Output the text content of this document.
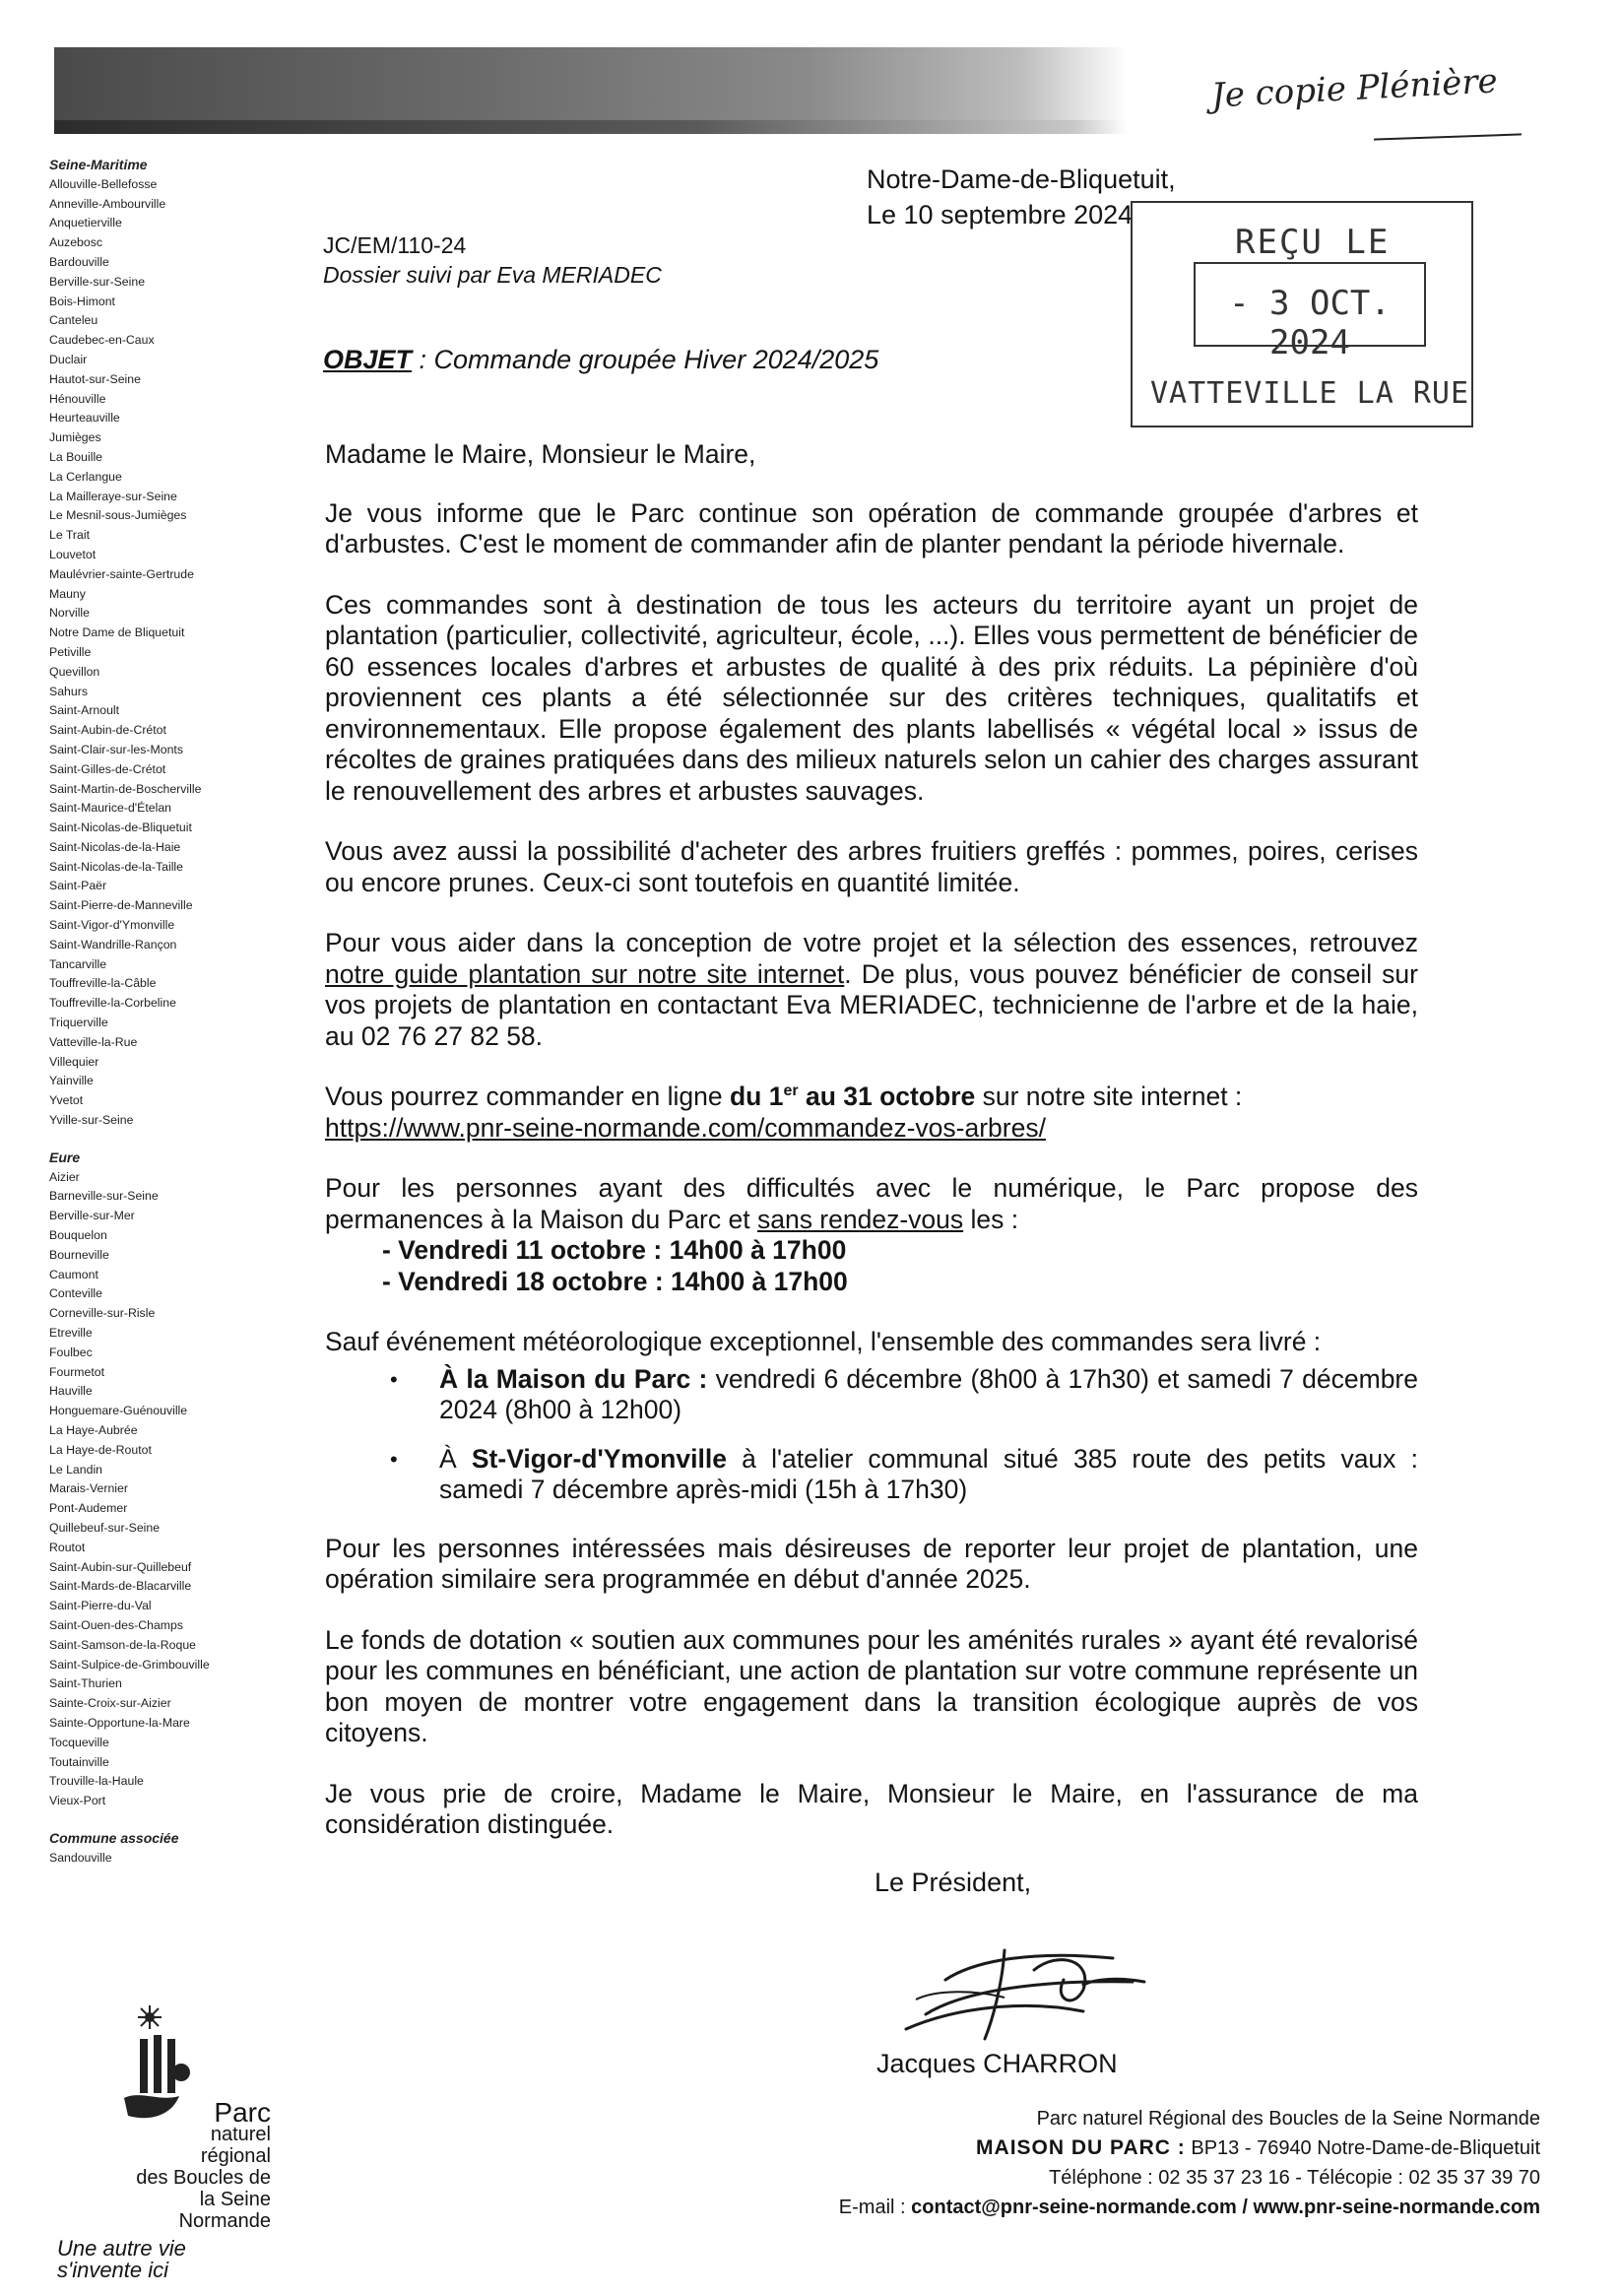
Je copie Plénière
Seine-Maritime
Allouville-Bellefosse
Anneville-Ambourville
Anquetierville
Auzebosc
Bardouville
Berville-sur-Seine
Bois-Himont
Canteleu
Caudebec-en-Caux
Duclair
Hautot-sur-Seine
Hénouville
Heurteauville
Jumièges
La Bouille
La Cerlangue
La Mailleraye-sur-Seine
Le Mesnil-sous-Jumièges
Le Trait
Louvetot
Maulévrier-sainte-Gertrude
Mauny
Norville
Notre Dame de Bliquetuit
Petiville
Quevillon
Sahurs
Saint-Arnoult
Saint-Aubin-de-Crétot
Saint-Clair-sur-les-Monts
Saint-Gilles-de-Crétot
Saint-Martin-de-Boscherville
Saint-Maurice-d'Ételan
Saint-Nicolas-de-Bliquetuit
Saint-Nicolas-de-la-Haie
Saint-Nicolas-de-la-Taille
Saint-Paër
Saint-Pierre-de-Manneville
Saint-Vigor-d'Ymonville
Saint-Wandrille-Rançon
Tancarville
Touffreville-la-Câble
Touffreville-la-Corbeline
Triquerville
Vatteville-la-Rue
Villequier
Yainville
Yvetot
Yville-sur-Seine
Eure
Aizier
Barneville-sur-Seine
Berville-sur-Mer
Bouquelon
Bourneville
Caumont
Conteville
Corneville-sur-Risle
Etreville
Foulbec
Fourmetot
Hauville
Honguemare-Guénouville
La Haye-Aubrée
La Haye-de-Routot
Le Landin
Marais-Vernier
Pont-Audemer
Quillebeuf-sur-Seine
Routot
Saint-Aubin-sur-Quillebeuf
Saint-Mards-de-Blacarville
Saint-Pierre-du-Val
Saint-Ouen-des-Champs
Saint-Samson-de-la-Roque
Saint-Sulpice-de-Grimbouville
Saint-Thurien
Sainte-Croix-sur-Aizier
Sainte-Opportune-la-Mare
Tocqueville
Toutainville
Trouville-la-Haule
Vieux-Port
Commune associée
Sandouville
Notre-Dame-de-Bliquetuit,
Le 10 septembre 2024
JC/EM/110-24
Dossier suivi par Eva MERIADEC
REÇU LE
- 3 OCT. 2024
VATTEVILLE LA RUE
OBJET : Commande groupée Hiver 2024/2025

Madame le Maire, Monsieur le Maire,

Je vous informe que le Parc continue son opération de commande groupée d'arbres et d'arbustes. C'est le moment de commander afin de planter pendant la période hivernale.

Ces commandes sont à destination de tous les acteurs du territoire ayant un projet de plantation (particulier, collectivité, agriculteur, école, ...). Elles vous permettent de bénéficier de 60 essences locales d'arbres et arbustes de qualité à des prix réduits. La pépinière d'où proviennent ces plants a été sélectionnée sur des critères techniques, qualitatifs et environnementaux. Elle propose également des plants labellisés « végétal local » issus de récoltes de graines pratiquées dans des milieux naturels selon un cahier des charges assurant le renouvellement des arbres et arbustes sauvages.

Vous avez aussi la possibilité d'acheter des arbres fruitiers greffés : pommes, poires, cerises ou encore prunes. Ceux-ci sont toutefois en quantité limitée.

Pour vous aider dans la conception de votre projet et la sélection des essences, retrouvez notre guide plantation sur notre site internet. De plus, vous pouvez bénéficier de conseil sur vos projets de plantation en contactant Eva MERIADEC, technicienne de l'arbre et de la haie, au 02 76 27 82 58.

Vous pourrez commander en ligne du 1er au 31 octobre sur notre site internet :
https://www.pnr-seine-normande.com/commandez-vos-arbres/

Pour les personnes ayant des difficultés avec le numérique, le Parc propose des permanences à la Maison du Parc et sans rendez-vous les :

- Vendredi 11 octobre : 14h00 à 17h00

- Vendredi 18 octobre : 14h00 à 17h00

Sauf événement météorologique exceptionnel, l'ensemble des commandes sera livré :

• À la Maison du Parc : vendredi 6 décembre (8h00 à 17h30) et samedi 7 décembre 2024 (8h00 à 12h00)
• À St-Vigor-d'Ymonville à l'atelier communal situé 385 route des petits vaux : samedi 7 décembre après-midi (15h à 17h30)

Pour les personnes intéressées mais désireuses de reporter leur projet de plantation, une opération similaire sera programmée en début d'année 2025.

Le fonds de dotation « soutien aux communes pour les aménités rurales » ayant été revalorisé pour les communes en bénéficiant, une action de plantation sur votre commune représente un bon moyen de montrer votre engagement dans la transition écologique auprès de vos citoyens.

Je vous prie de croire, Madame le Maire, Monsieur le Maire, en l'assurance de ma considération distinguée.

Le Président,
Jacques CHARRON
Parc naturel Régional des Boucles de la Seine Normande
MAISON DU PARC : BP13 - 76940 Notre-Dame-de-Bliquetuit
Téléphone : 02 35 37 23 16 - Télécopie : 02 35 37 39 70
E-mail : contact@pnr-seine-normande.com / www.pnr-seine-normande.com
Parc
naturel
régional
des Boucles de
la Seine Normande
Une autre vie s'invente ici
